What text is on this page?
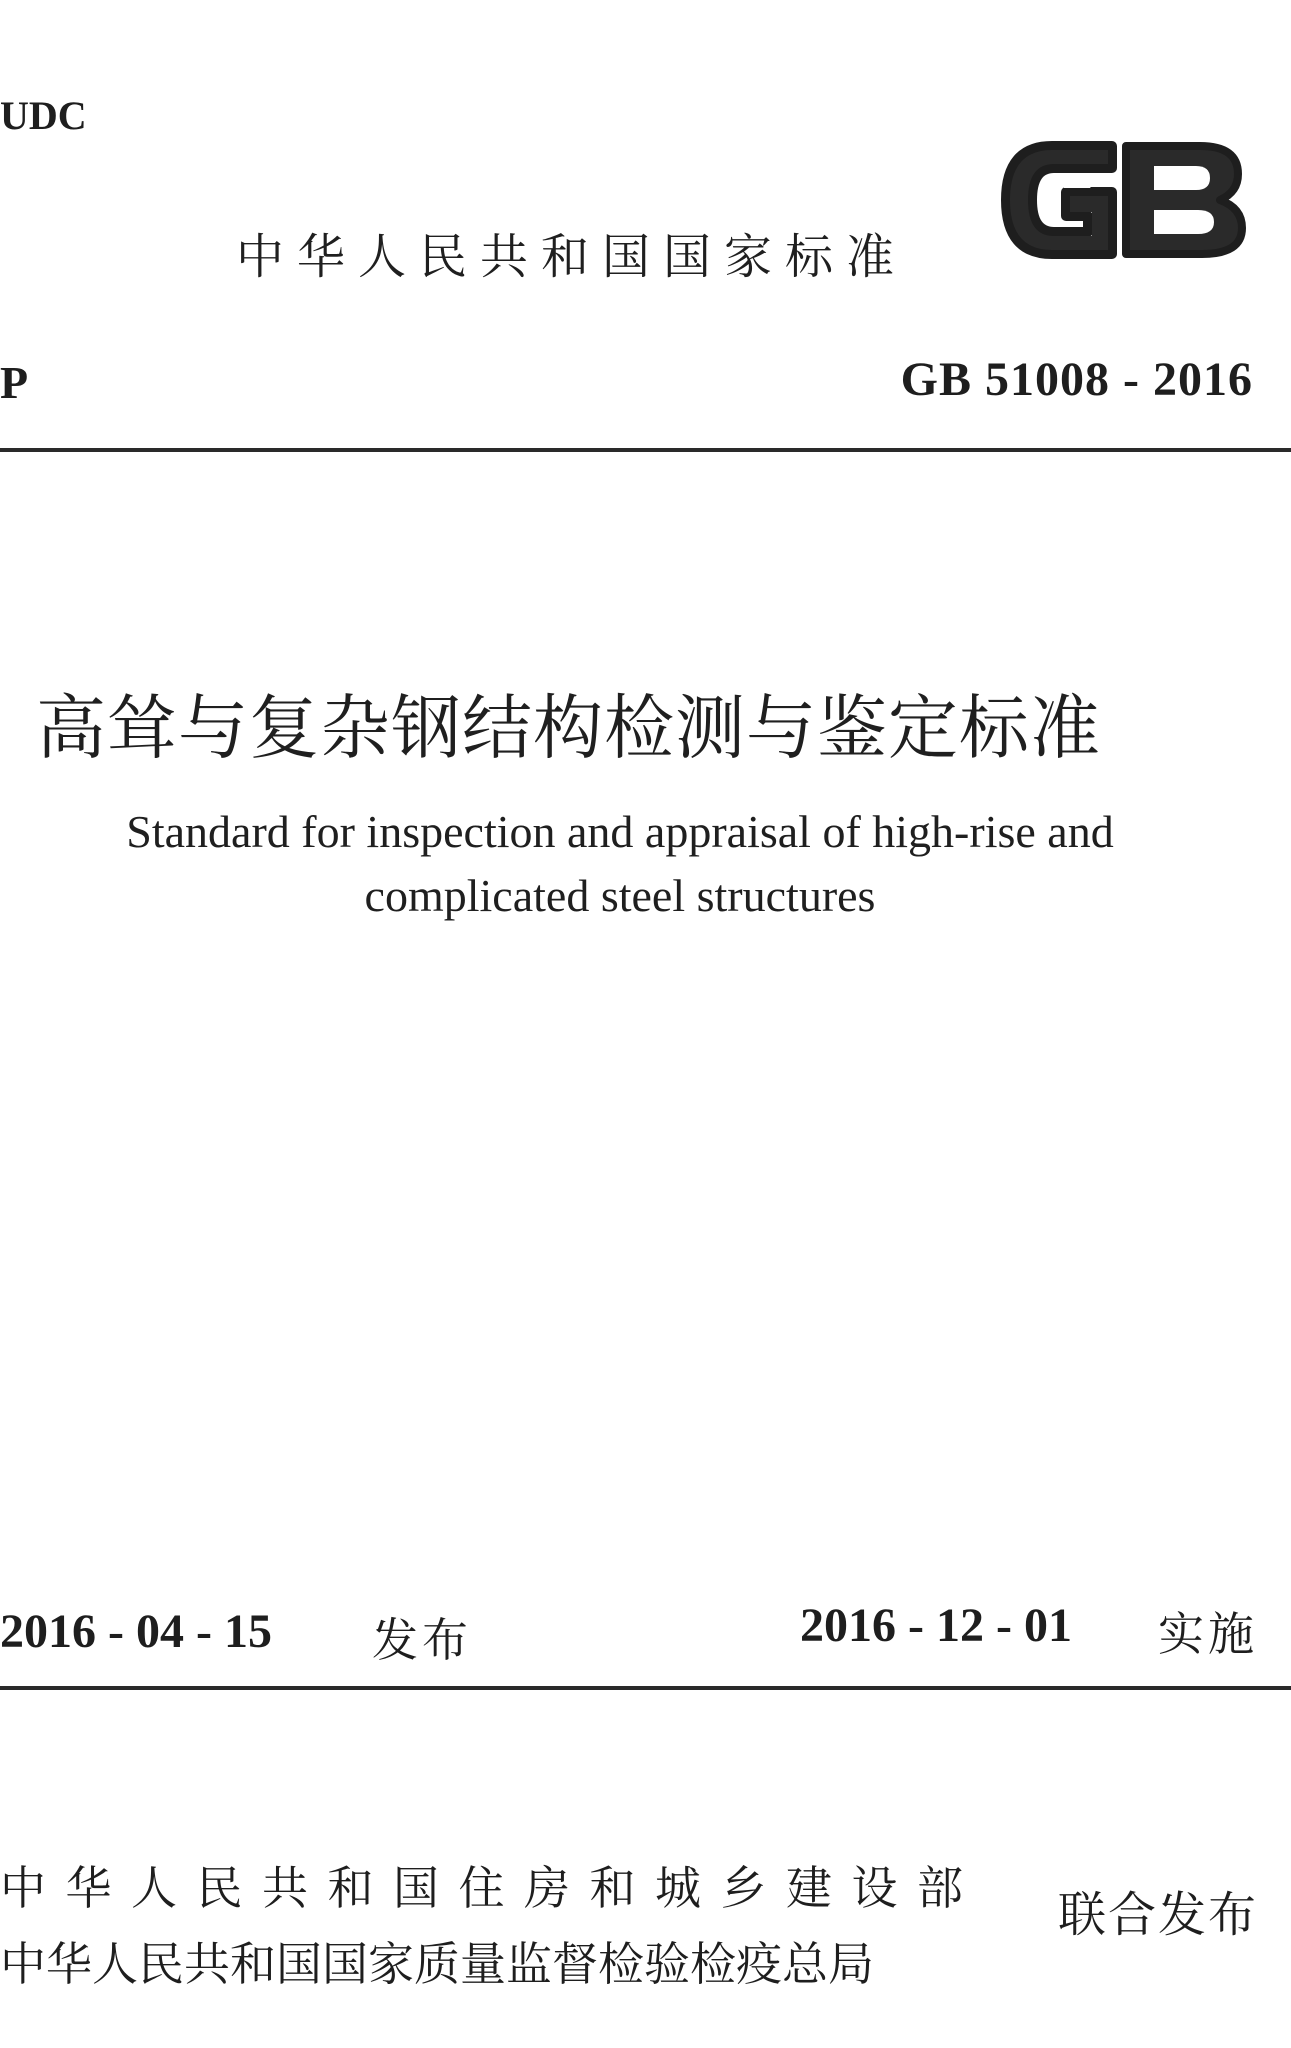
UDC
中华人民共和国国家标准
P	GB 51008 - 2016
高耸与复杂钢结构检测与鉴定标准
Standard for inspection and appraisal of high-rise and
complicated steel structures
2016 - 04 - 15 发布	2016 - 12 - 01 实施
中华人民共和国住房和城乡建设部
中华人民共和国国家质量监督检验检疫总局
联合发布
